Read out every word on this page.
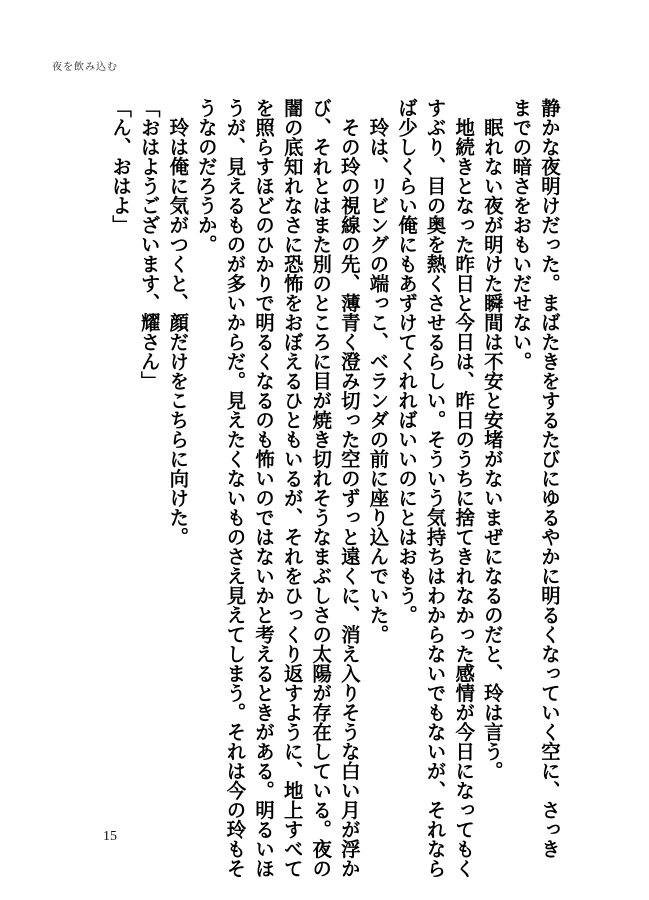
夜を飲み込む
静かな夜明けだった。まばたきをするたびにゆるやかに明るくなっていく空に、さっき
までの暗さをおもいだせない。
　眠れない夜が明けた瞬間は不安と安堵がないまぜになるのだと、玲は言う。
　地続きとなった昨日と今日は、昨日のうちに捨てきれなかった感情が今日になってもく
すぶり、目の奥を熱くさせるらしい。そういう気持ちはわからないでもないが、それなら
ば少しくらい俺にもあずけてくれればいいのにとはおもう。
　玲は、リビングの端っこ、ベランダの前に座り込んでいた。
　その玲の視線の先、薄青く澄み切った空のずっと遠くに、消え入りそうな白い月が浮か
び、それとはまた別のところに目が焼き切れそうなまぶしさの太陽が存在している。夜の
闇の底知れなさに恐怖をおぼえるひともいるが、それをひっくり返すように、地上すべて
を照らすほどのひかりで明るくなるのも怖いのではないかと考えるときがある。明るいほ
うが、見えるものが多いからだ。見えたくないものさえ見えてしまう。それは今の玲もそ
うなのだろうか。
　玲は俺に気がつくと、顔だけをこちらに向けた。
「おはようございます、耀さん」
「ん、おはよ」
15
